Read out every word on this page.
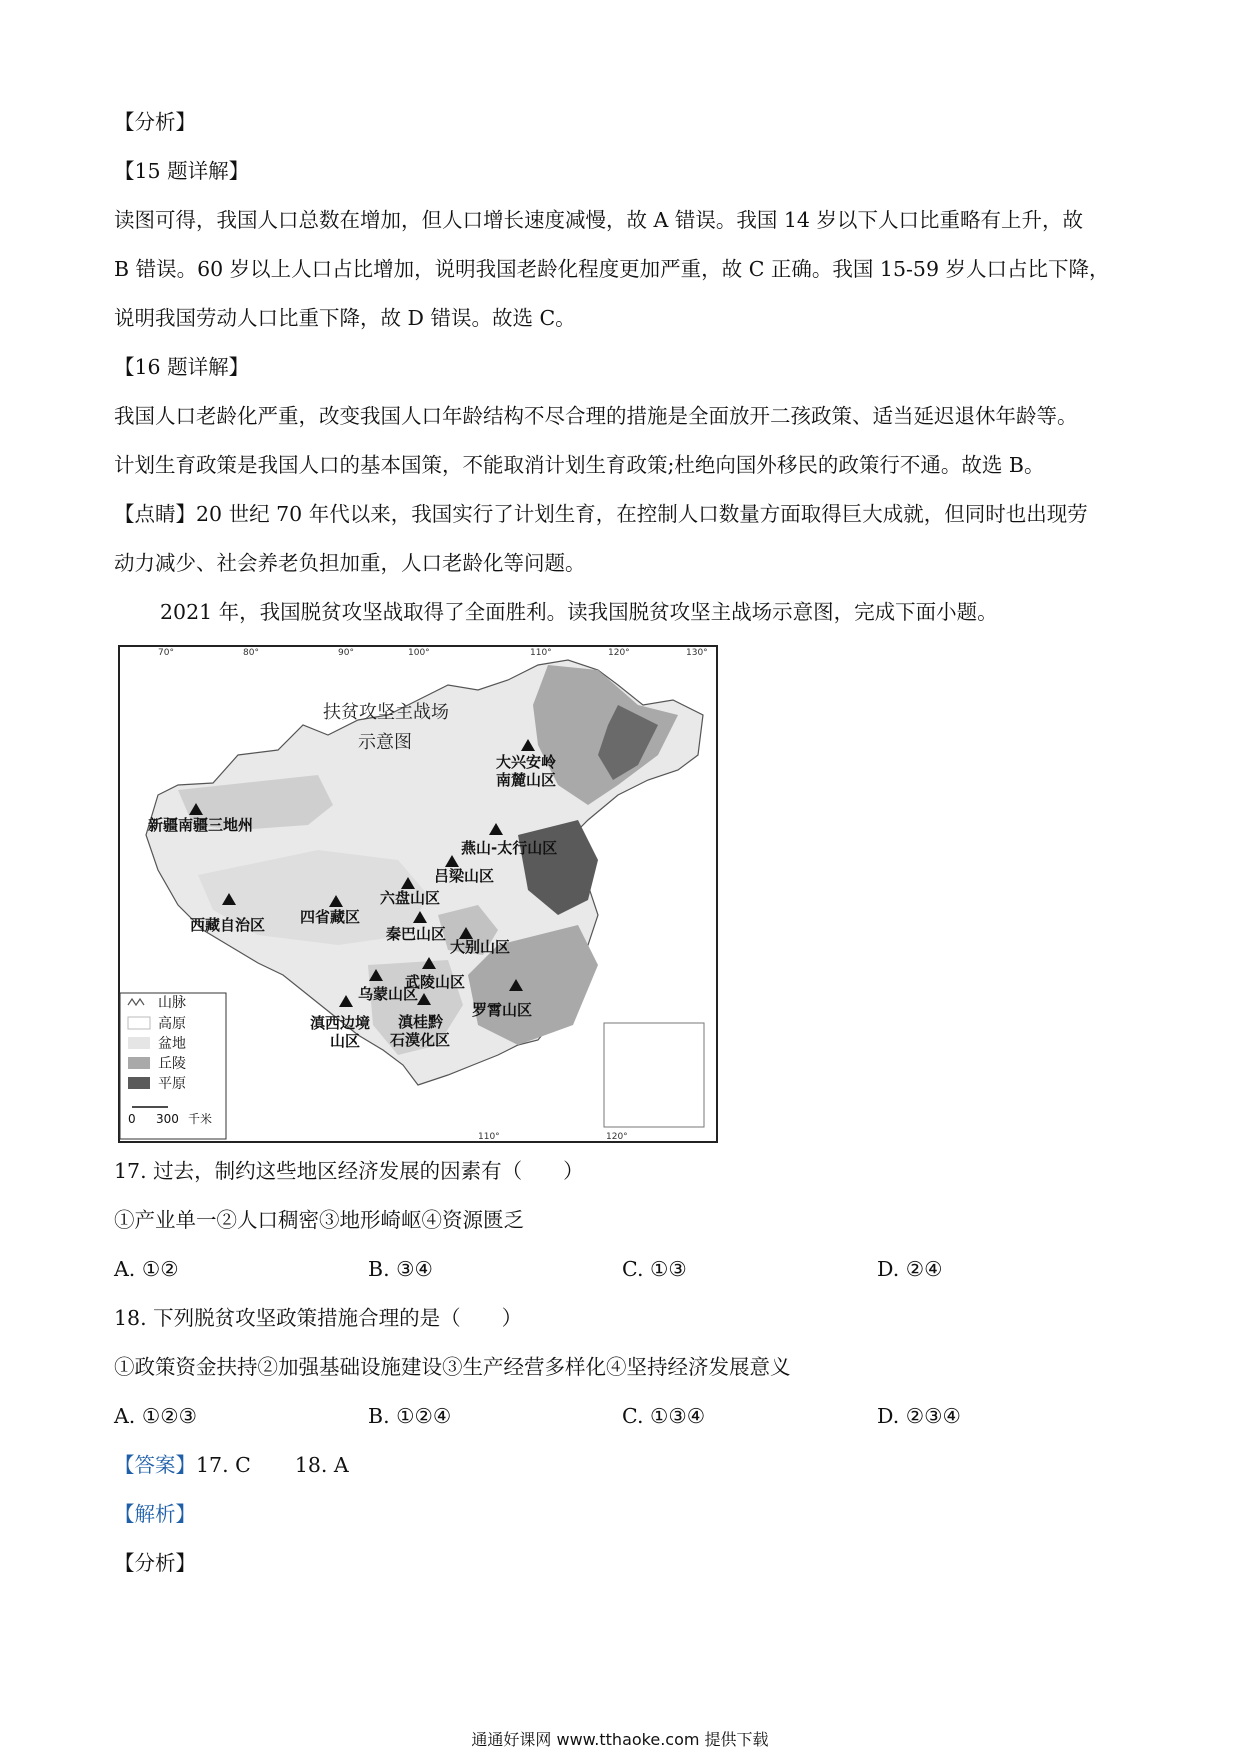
【分析】
【15 题详解】
读图可得，我国人口总数在增加，但人口增长速度减慢，故 A 错误。我国 14 岁以下人口比重略有上升，故
B 错误。60 岁以上人口占比增加，说明我国老龄化程度更加严重，故 C 正确。我国 15-59 岁人口占比下降，
说明我国劳动人口比重下降，故 D 错误。故选 C。
【16 题详解】
我国人口老龄化严重，改变我国人口年龄结构不尽合理的措施是全面放开二孩政策、适当延迟退休年龄等。
计划生育政策是我国人口的基本国策，不能取消计划生育政策;杜绝向国外移民的政策行不通。故选 B。
【点睛】20 世纪 70 年代以来，我国实行了计划生育，在控制人口数量方面取得巨大成就，但同时也出现劳
动力减少、社会养老负担加重，人口老龄化等问题。
2021 年，我国脱贫攻坚战取得了全面胜利。读我国脱贫攻坚主战场示意图，完成下面小题。
70°	80°	90°	100°	110°	120°	130°
110°	120°
扶贫攻坚主战场
示意图
大兴安岭
南麓山区
新疆南疆三地州
燕山-太行山区
吕梁山区
六盘山区
四省藏区
西藏自治区	秦巴山区
大别山区
乌蒙山区
武陵山区
罗霄山区
滇西边境
山区
滇桂黔
石漠化区
山脉
高原
盆地
丘陵
平原
0 300 千米
17. 过去，制约这些地区经济发展的因素有（　　）
①产业单一②人口稠密③地形崎岖④资源匮乏
A. ①②	B. ③④	C. ①③	D. ②④
18. 下列脱贫攻坚政策措施合理的是（　　）
①政策资金扶持②加强基础设施建设③生产经营多样化④坚持经济发展意义
A. ①②③	B. ①②④	C. ①③④	D. ②③④
【答案】17. C 18. A
【解析】
【分析】
通通好课网 www.tthaoke.com 提供下载
